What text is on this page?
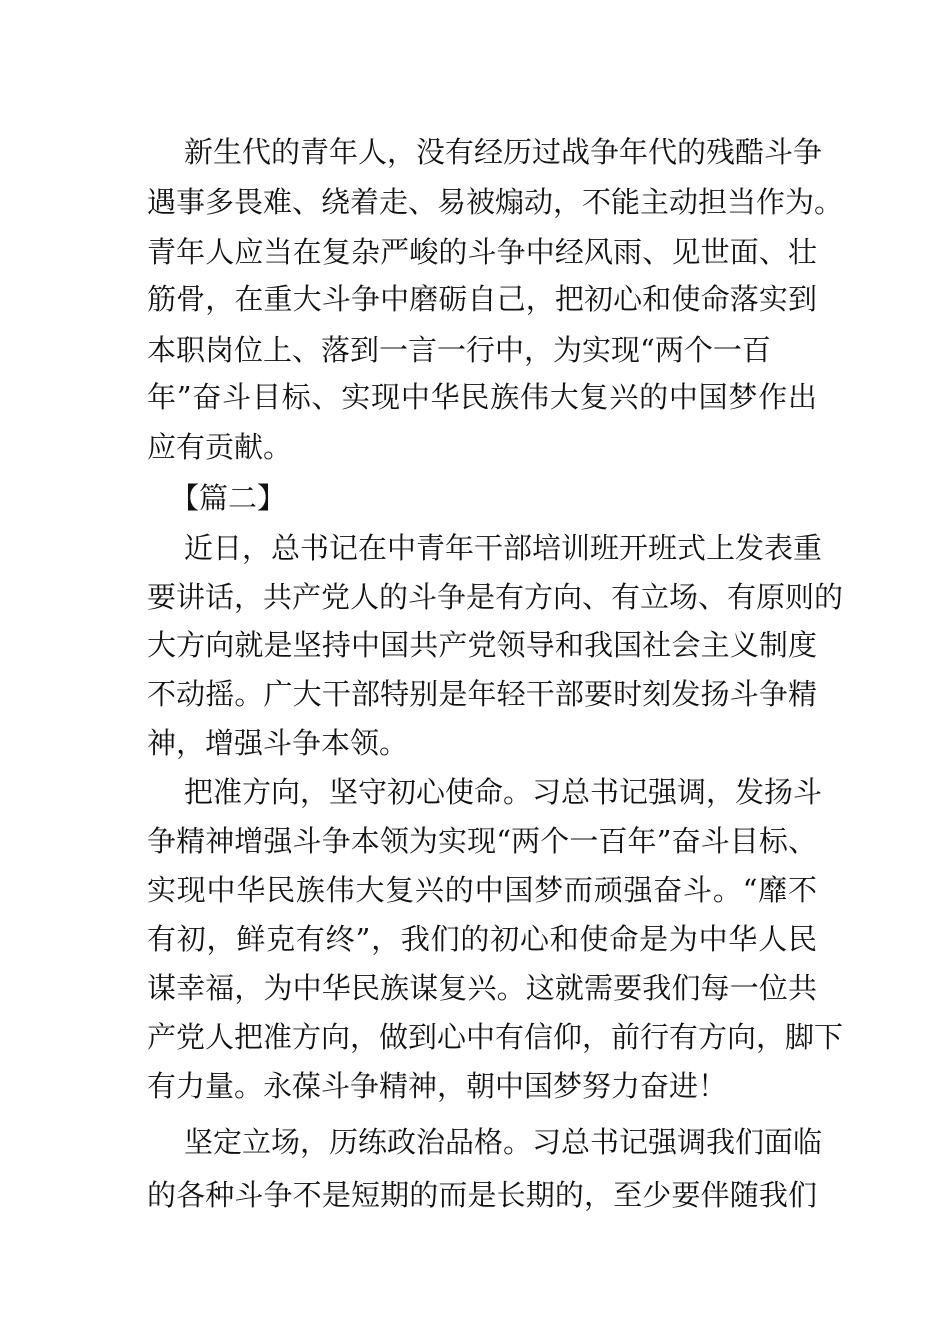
新生代的青年人，没有经历过战争年代的残酷斗争
遇事多畏难、绕着走、易被煽动，不能主动担当作为。
青年人应当在复杂严峻的斗争中经风雨、见世面、壮
筋骨，在重大斗争中磨砺自己，把初心和使命落实到
本职岗位上、落到一言一行中，为实现“两个一百
年”奋斗目标、实现中华民族伟大复兴的中国梦作出
应有贡献。
【篇二】
近日，总书记在中青年干部培训班开班式上发表重
要讲话，共产党人的斗争是有方向、有立场、有原则的
大方向就是坚持中国共产党领导和我国社会主义制度
不动摇。广大干部特别是年轻干部要时刻发扬斗争精
神，增强斗争本领。
把准方向，坚守初心使命。习总书记强调，发扬斗
争精神增强斗争本领为实现“两个一百年”奋斗目标、
实现中华民族伟大复兴的中国梦而顽强奋斗。“靡不
有初，鲜克有终”，我们的初心和使命是为中华人民
谋幸福，为中华民族谋复兴。这就需要我们每一位共
产党人把准方向，做到心中有信仰，前行有方向，脚下
有力量。永葆斗争精神，朝中国梦努力奋进！
坚定立场，历练政治品格。习总书记强调我们面临
的各种斗争不是短期的而是长期的，至少要伴随我们
